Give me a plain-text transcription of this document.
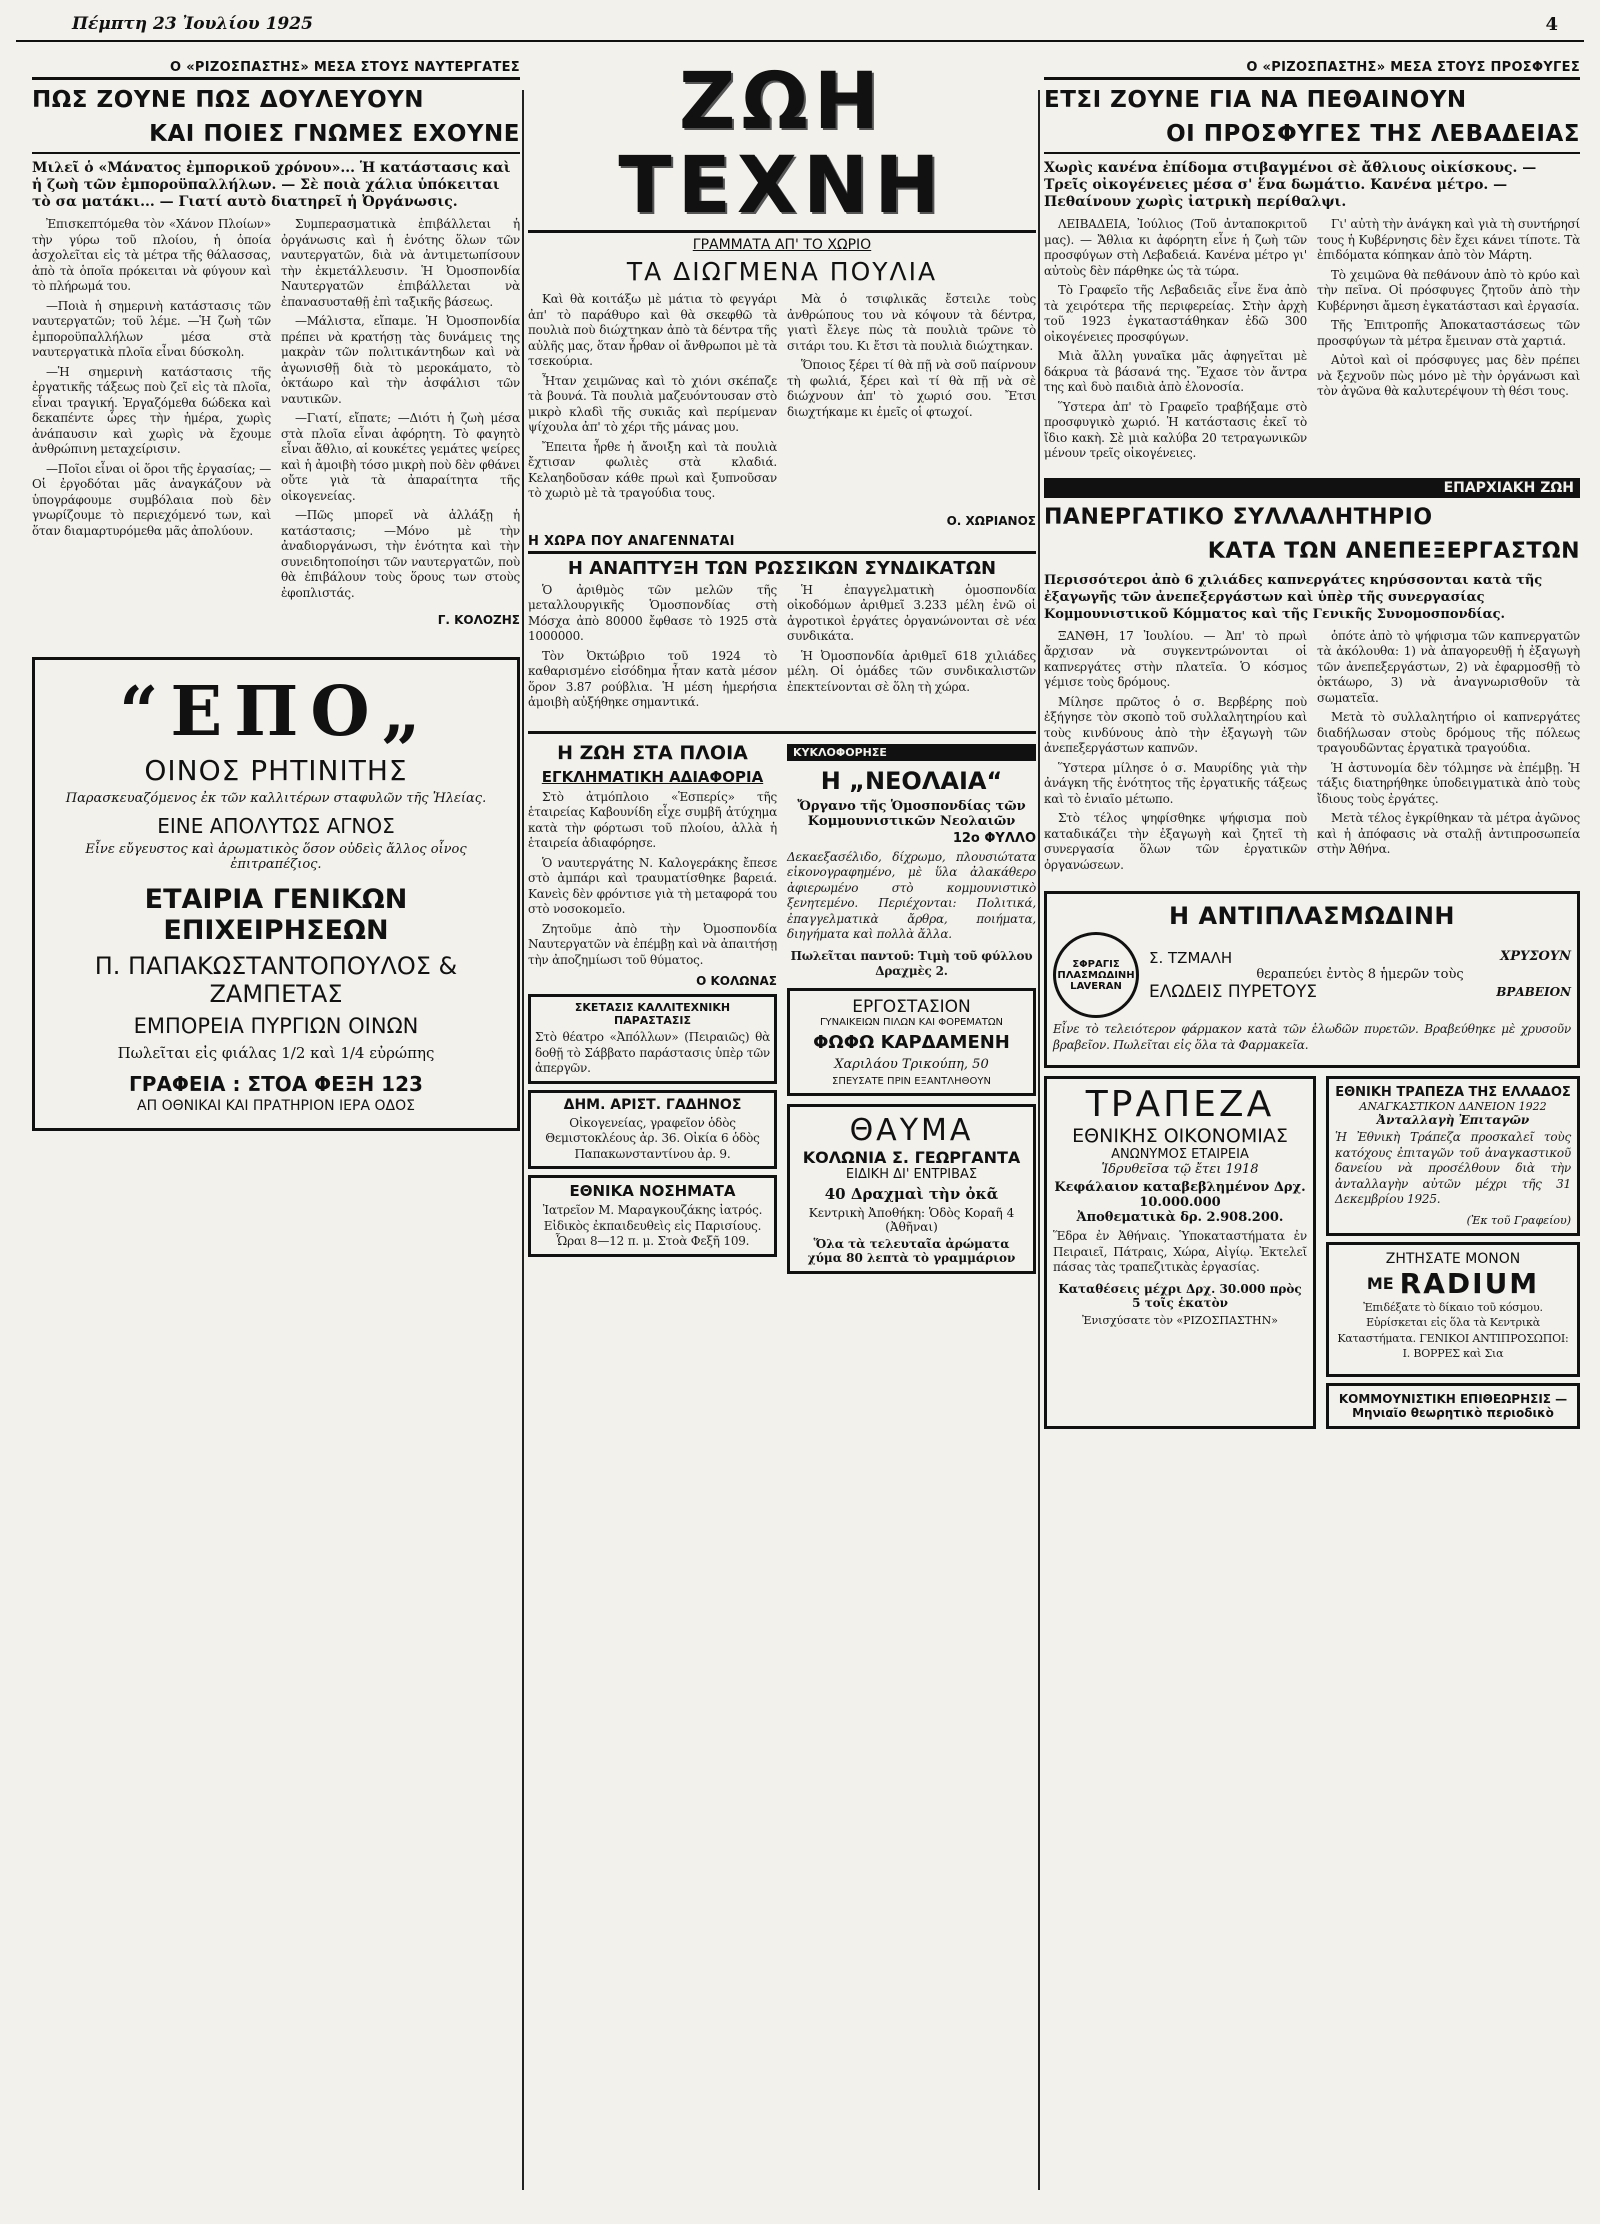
Πέμπτη 23 Ἰουλίου 1925	4
Ο «ΡΙΖΟΣΠΑΣΤΗΣ» ΜΕΣΑ ΣΤΟΥΣ ΝΑΥΤΕΡΓΑΤΕΣ
ΠΩΣ ΖΟΥΝΕ ΠΩΣ ΔΟΥΛΕΥΟΥΝ
ΚΑΙ ΠΟΙΕΣ ΓΝΩΜΕΣ ΕΧΟΥΝΕ
Μιλεῖ ὁ «Μάνατος ἐμπορικοῦ χρόνου»... Ἡ κατάστασις καὶ ἡ ζωὴ τῶν ἐμποροϋπαλλήλων. — Σὲ ποιὰ χάλια ὑπόκειται τὸ σα ματάκι... — Γιατί αυτὸ διατηρεῖ ἡ Ὀργάνωσις.

Ἐπισκεπτόμεθα τὸν «Χάνον Πλοίων» τὴν γύρω τοῦ πλοίου, ἡ ὁποία ἀσχολεῖται εἰς τὰ μέτρα τῆς θάλασσας, ἀπὸ τὰ ὁποῖα πρόκειται νὰ φύγουν καὶ τὸ πλήρωμά του.

—Ποιὰ ἡ σημερινὴ κατάστασις τῶν ναυτεργατῶν; τοῦ λέμε. —Ἡ ζωὴ τῶν ἐμποροϋπαλλήλων μέσα στὰ ναυτεργατικὰ πλοῖα εἶναι δύσκολη.

—Ἡ σημερινὴ κατάστασις τῆς ἐργατικῆς τάξεως ποὺ ζεῖ εἰς τὰ πλοῖα, εἶναι τραγική. Ἐργαζόμεθα δώδεκα καὶ δεκαπέντε ὧρες τὴν ἡμέρα, χωρὶς ἀνάπαυσιν καὶ χωρὶς νὰ ἔχουμε ἀνθρώπινη μεταχείρισιν.

—Ποῖοι εἶναι οἱ ὅροι τῆς ἐργασίας; —Οἱ ἐργοδόται μᾶς ἀναγκάζουν νὰ ὑπογράφουμε συμβόλαια ποὺ δὲν γνωρίζουμε τὸ περιεχόμενό των, καὶ ὅταν διαμαρτυρόμεθα μᾶς ἀπολύουν.

Συμπερασματικὰ ἐπιβάλλεται ἡ ὀργάνωσις καὶ ἡ ἑνότης ὅλων τῶν ναυτεργατῶν, διὰ νὰ ἀντιμετωπίσουν τὴν ἐκμετάλλευσιν. Ἡ Ὀμοσπονδία Ναυτεργατῶν ἐπιβάλλεται νὰ ἐπανασυσταθῇ ἐπὶ ταξικῆς βάσεως.

—Μάλιστα, εἴπαμε. Ἡ Ὀμοσπονδία πρέπει νὰ κρατήσῃ τὰς δυνάμεις της μακρὰν τῶν πολιτικάντηδων καὶ νὰ ἀγωνισθῇ διὰ τὸ μεροκάματο, τὸ ὀκτάωρο καὶ τὴν ἀσφάλισι τῶν ναυτικῶν.

—Γιατί, εἴπατε; —Διότι ἡ ζωὴ μέσα στὰ πλοῖα εἶναι ἀφόρητη. Τὸ φαγητὸ εἶναι ἄθλιο, αἱ κουκέτες γεμάτες ψείρες καὶ ἡ ἀμοιβὴ τόσο μικρὴ ποὺ δὲν φθάνει οὔτε γιὰ τὰ ἀπαραίτητα τῆς οἰκογενείας.

—Πῶς μπορεῖ νὰ ἀλλάξῃ ἡ κατάστασις; —Μόνο μὲ τὴν ἀναδιοργάνωσι, τὴν ἑνότητα καὶ τὴν συνειδητοποίησι τῶν ναυτεργατῶν, ποὺ θὰ ἐπιβάλουν τοὺς ὅρους των στοὺς ἐφοπλιστάς.

Γ. ΚΟΛΟΖΗΣ
“ΕΠΟ„
ΟΙΝΟΣ ΡΗΤΙΝΙΤΗΣ
Παρασκευαζόμενος ἐκ τῶν καλλιτέρων σταφυλῶν τῆς Ἠλείας.
ΕΙΝΕ ΑΠΟΛΥΤΩΣ ΑΓΝΟΣ
Εἶνε εὔγευστος καὶ ἀρωματικὸς ὅσον οὐδεὶς ἄλλος οἶνος ἐπιτραπέζιος.
ΕΤΑΙΡΙΑ ΓΕΝΙΚΩΝ ΕΠΙΧΕΙΡΗΣΕΩΝ
Π. ΠΑΠΑΚΩΣΤΑΝΤΟΠΟΥΛΟΣ & ΖΑΜΠΕΤΑΣ
ΕΜΠΟΡΕΙΑ ΠΥΡΓΙΩΝ ΟΙΝΩΝ
Πωλεῖται εἰς φιάλας 1/2 καὶ 1/4 εὐρώπης
ΓΡΑΦΕΙΑ : ΣΤΟΑ ΦΕΞΗ 123
ΑΠ ΟΘΝΙΚΑΙ ΚΑΙ ΠΡΑΤΗΡΙΟΝ ΙΕΡΑ ΟΔΟΣ
ΖΩΗ ΤΕΧΝΗ
ΓΡΑΜΜΑΤΑ ΑΠ' ΤΟ ΧΩΡΙΟ
ΤΑ ΔΙΩΓΜΕΝΑ ΠΟΥΛΙΑ

Καὶ θὰ κοιτάξω μὲ μάτια τὸ φεγγάρι ἀπ' τὸ παράθυρο καὶ θὰ σκεφθῶ τὰ πουλιὰ ποὺ διώχτηκαν ἀπὸ τὰ δέντρα τῆς αὐλῆς μας, ὅταν ἦρθαν οἱ ἄνθρωποι μὲ τὰ τσεκούρια.

Ἦταν χειμῶνας καὶ τὸ χιόνι σκέπαζε τὰ βουνά. Τὰ πουλιὰ μαζευόντουσαν στὸ μικρὸ κλαδὶ τῆς συκιᾶς καὶ περίμεναν ψίχουλα ἀπ' τὸ χέρι τῆς μάνας μου.

Ἔπειτα ἦρθε ἡ ἄνοιξη καὶ τὰ πουλιὰ ἔχτισαν φωλιὲς στὰ κλαδιά. Κελαηδοῦσαν κάθε πρωὶ καὶ ξυπνοῦσαν τὸ χωριὸ μὲ τὰ τραγούδια τους.

Μὰ ὁ τσιφλικᾶς ἔστειλε τοὺς ἀνθρώπους του νὰ κόψουν τὰ δέντρα, γιατὶ ἔλεγε πὼς τὰ πουλιὰ τρῶνε τὸ σιτάρι του. Κι ἔτσι τὰ πουλιὰ διώχτηκαν.

Ὅποιος ξέρει τί θὰ πῇ νὰ σοῦ παίρνουν τὴ φωλιά, ξέρει καὶ τί θὰ πῇ νὰ σὲ διώχνουν ἀπ' τὸ χωριό σου. Ἔτσι διωχτήκαμε κι ἐμεῖς οἱ φτωχοί.

Ο. ΧΩΡΙΑΝΟΣ
Η ΧΩΡΑ ΠΟΥ ΑΝΑΓΕΝΝΑΤΑΙ
Η ΑΝΑΠΤΥΞΗ ΤΩΝ ΡΩΣΣΙΚΩΝ ΣΥΝΔΙΚΑΤΩΝ

Ὁ ἀριθμὸς τῶν μελῶν τῆς μεταλλουργικῆς Ὁμοσπονδίας στὴ Μόσχα ἀπὸ 80000 ἔφθασε τὸ 1925 στὰ 1000000.

Τὸν Ὀκτώβριο τοῦ 1924 τὸ καθαρισμένο εἰσόδημα ἦταν κατὰ μέσον ὅρον 3.87 ρούβλια. Ἡ μέση ἡμερήσια ἀμοιβὴ αὐξήθηκε σημαντικά.

Ἡ ἐπαγγελματικὴ ὁμοσπονδία οἰκοδόμων ἀριθμεῖ 3.233 μέλη ἐνῶ οἱ ἀγροτικοὶ ἐργάτες ὀργανώνονται σὲ νέα συνδικάτα.

Ἡ Ὀμοσπονδία ἀριθμεῖ 618 χιλιάδες μέλη. Οἱ ὁμάδες τῶν συνδικαλιστῶν ἐπεκτείνονται σὲ ὅλη τὴ χώρα.

Η ΖΩΗ ΣΤΑ ΠΛΟΙΑ
ΕΓΚΛΗΜΑΤΙΚΗ ΑΔΙΑΦΟΡΙΑ

Στὸ ἀτμόπλοιο «Ἑσπερίς» τῆς ἑταιρείας Καβουνίδη εἶχε συμβῆ ἀτύχημα κατὰ τὴν φόρτωσι τοῦ πλοίου, ἀλλὰ ἡ ἑταιρεία ἀδιαφόρησε.

Ὁ ναυτεργάτης Ν. Καλογεράκης ἔπεσε στὸ ἀμπάρι καὶ τραυματίσθηκε βαρειά. Κανεὶς δὲν φρόντισε γιὰ τὴ μεταφορά του στὸ νοσοκομεῖο.

Ζητοῦμε ἀπὸ τὴν Ὀμοσπονδία Ναυτεργατῶν νὰ ἐπέμβῃ καὶ νὰ ἀπαιτήσῃ τὴν ἀποζημίωσι τοῦ θύματος.

Ο ΚΟΛΩΝΑΣ
ΣΚΕΤΑΣΙΣ ΚΑΛΛΙΤΕΧΝΙΚΗ ΠΑΡΑΣΤΑΣΙΣ
Στὸ θέατρο «Ἀπόλλων» (Πειραιῶς) θὰ δοθῇ τὸ Σάββατο παράστασις ὑπὲρ τῶν ἀπεργῶν.
ΔΗΜ. ΑΡΙΣΤ. ΓΑΔΗΝΟΣ
Οἰκογενείας, γραφεῖον ὁδὸς Θεμιστοκλέους ἀρ. 36. Οἰκία 6 ὁδὸς Παπακωνσταντίνου ἀρ. 9.
ΕΘΝΙΚΑ ΝΟΣΗΜΑΤΑ
Ἰατρεῖον Μ. Μαραγκουζάκης ἰατρός. Εἰδικὸς ἐκπαιδευθεὶς εἰς Παρισίους. Ὧραι 8—12 π. μ. Στοὰ Φεξῆ 109.
ΚΥΚΛΟΦΟΡΗΣΕ
Η „ΝΕΟΛΑΙΑ“
Ὄργανο τῆς Ὁμοσπονδίας τῶν Κομμουνιστικῶν Νεολαιῶν
12ο ΦΥΛΛΟ
Δεκαεξασέλιδο, δίχρωμο, πλουσιώτατα εἰκονογραφημένο, μὲ ὕλα ἀλακάθερο ἀφιερωμένο στὸ κομμουνιστικὸ ξενητεμένο. Περιέχονται: Πολιτικά, ἐπαγγελματικὰ ἄρθρα, ποιήματα, διηγήματα καὶ πολλὰ ἄλλα.
Πωλεῖται παντοῦ: Τιμὴ τοῦ φύλλου Δραχμὲς 2.
ΕΡΓΟΣΤΑΣΙΟΝ
ΓΥΝΑΙΚΕΙΩΝ ΠΙΛΩΝ ΚΑΙ ΦΟΡΕΜΑΤΩΝ
ΦΩΦΩ ΚΑΡΔΑΜΕΝΗ
Χαριλάου Τρικούπη, 50
ΣΠΕΥΣΑΤΕ ΠΡΙΝ ΕΞΑΝΤΛΗΘΟΥΝ
ΘΑΥΜΑ
ΚΟΛΩΝΙΑ Σ. ΓΕΩΡΓΑΝΤΑ
ΕΙΔΙΚΗ ΔΙ' ΕΝΤΡΙΒΑΣ
40 Δραχμαὶ τὴν ὀκᾶ
Κεντρικὴ Ἀποθήκη: Ὁδὸς Κοραῆ 4 (Ἀθῆναι)
Ὅλα τὰ τελευταῖα ἀρώματα χύμα 80 λεπτὰ τὸ γραμμάριον
Ο «ΡΙΖΟΣΠΑΣΤΗΣ» ΜΕΣΑ ΣΤΟΥΣ ΠΡΟΣΦΥΓΕΣ
ΕΤΣΙ ΖΟΥΝΕ ΓΙΑ ΝΑ ΠΕΘΑΙΝΟΥΝ
ΟΙ ΠΡΟΣΦΥΓΕΣ ΤΗΣ ΛΕΒΑΔΕΙΑΣ
Χωρὶς κανένα ἐπίδομα στιβαγμένοι σὲ ἄθλιους οἰκίσκους. — Τρεῖς οἰκογένειες μέσα σ' ἕνα δωμάτιο. Κανένα μέτρο. — Πεθαίνουν χωρὶς ἰατρικὴ περίθαλψι.

ΛΕΙΒΑΔΕΙΑ, Ἰούλιος (Τοῦ ἀνταποκριτοῦ μας). — Ἄθλια κι ἀφόρητη εἶνε ἡ ζωὴ τῶν προσφύγων στὴ Λεβαδειά. Κανένα μέτρο γι' αὐτοὺς δὲν πάρθηκε ὡς τὰ τώρα.

Τὸ Γραφεῖο τῆς Λεβαδειᾶς εἶνε ἕνα ἀπὸ τὰ χειρότερα τῆς περιφερείας. Στὴν ἀρχὴ τοῦ 1923 ἐγκαταστάθηκαν ἐδῶ 300 οἰκογένειες προσφύγων.

Μιὰ ἄλλη γυναῖκα μᾶς ἀφηγεῖται μὲ δάκρυα τὰ βάσανά της. Ἔχασε τὸν ἄντρα της καὶ δυὸ παιδιὰ ἀπὸ ἐλονοσία.

Ὕστερα ἀπ' τὸ Γραφεῖο τραβήξαμε στὸ προσφυγικὸ χωριό. Ἡ κατάστασις ἐκεῖ τὸ ἴδιο κακὴ. Σὲ μιὰ καλύβα 20 τετραγωνικῶν μένουν τρεῖς οἰκογένειες.

Γι' αὐτὴ τὴν ἀνάγκη καὶ γιὰ τὴ συντήρησί τους ἡ Κυβέρνησις δὲν ἔχει κάνει τίποτε. Τὰ ἐπιδόματα κόπηκαν ἀπὸ τὸν Μάρτη.

Τὸ χειμῶνα θὰ πεθάνουν ἀπὸ τὸ κρύο καὶ τὴν πεῖνα. Οἱ πρόσφυγες ζητοῦν ἀπὸ τὴν Κυβέρνησι ἄμεση ἐγκατάστασι καὶ ἐργασία.

Τῆς Ἐπιτροπῆς Ἀποκαταστάσεως τῶν προσφύγων τὰ μέτρα ἔμειναν στὰ χαρτιά.

Αὐτοὶ καὶ οἱ πρόσφυγες μας δὲν πρέπει νὰ ξεχνοῦν πὼς μόνο μὲ τὴν ὀργάνωσι καὶ τὸν ἀγῶνα θὰ καλυτερέψουν τὴ θέσι τους.

ΕΠΑΡΧΙΑΚΗ ΖΩΗ
ΠΑΝΕΡΓΑΤΙΚΟ ΣΥΛΛΑΛΗΤΗΡΙΟ
ΚΑΤΑ ΤΩΝ ΑΝΕΠΕΞΕΡΓΑΣΤΩΝ
Περισσότεροι ἀπὸ 6 χιλιάδες καπνεργάτες κηρύσσονται κατὰ τῆς ἐξαγωγῆς τῶν ἀνεπεξεργάστων καὶ ὑπὲρ τῆς συνεργασίας Κομμουνιστικοῦ Κόμματος καὶ τῆς Γενικῆς Συνομοσπονδίας.

ΞΑΝΘΗ, 17 Ἰουλίου. — Ἀπ' τὸ πρωὶ ἄρχισαν νὰ συγκεντρώνονται οἱ καπνεργάτες στὴν πλατεῖα. Ὁ κόσμος γέμισε τοὺς δρόμους.

Μίλησε πρῶτος ὁ σ. Βερβέρης ποὺ ἐξήγησε τὸν σκοπὸ τοῦ συλλαλητηρίου καὶ τοὺς κινδύνους ἀπὸ τὴν ἐξαγωγὴ τῶν ἀνεπεξεργάστων καπνῶν.

Ὕστερα μίλησε ὁ σ. Μαυρίδης γιὰ τὴν ἀνάγκη τῆς ἑνότητος τῆς ἐργατικῆς τάξεως καὶ τὸ ἑνιαῖο μέτωπο.

Στὸ τέλος ψηφίσθηκε ψήφισμα ποὺ καταδικάζει τὴν ἐξαγωγὴ καὶ ζητεῖ τὴ συνεργασία ὅλων τῶν ἐργατικῶν ὀργανώσεων.

ὁπότε ἀπὸ τὸ ψήφισμα τῶν καπνεργατῶν τὰ ἀκόλουθα: 1) νὰ ἀπαγορευθῇ ἡ ἐξαγωγὴ τῶν ἀνεπεξεργάστων, 2) νὰ ἐφαρμοσθῇ τὸ ὀκτάωρο, 3) νὰ ἀναγνωρισθοῦν τὰ σωματεῖα.

Μετὰ τὸ συλλαλητήριο οἱ καπνεργάτες διαδήλωσαν στοὺς δρόμους τῆς πόλεως τραγουδῶντας ἐργατικὰ τραγούδια.

Ἡ ἀστυνομία δὲν τόλμησε νὰ ἐπέμβῃ. Ἡ τάξις διατηρήθηκε ὑποδειγματικὰ ἀπὸ τοὺς ἴδιους τοὺς ἐργάτες.

Μετὰ τέλος ἐγκρίθηκαν τὰ μέτρα ἀγῶνος καὶ ἡ ἀπόφασις νὰ σταλῇ ἀντιπροσωπεία στὴν Ἀθήνα.

Η ΑΝΤΙΠΛΑΣΜΩΔΙΝΗ
ΣΦΡΑΓΙΣ ΠΛΑΣΜΩΔΙΝΗ LAVERAN
Σ. ΤΖΜΑΛΗ	ΧΡΥΣΟΥΝ
θεραπεύει ἐντὸς 8 ἡμερῶν τοὺς
ΕΛΩΔΕΙΣ ΠΥΡΕΤΟΥΣ	ΒΡΑΒΕΙΟΝ
Εἶνε τὸ τελειότερον φάρμακον κατὰ τῶν ἑλωδῶν πυρετῶν. Βραβεύθηκε μὲ χρυσοῦν βραβεῖον. Πωλεῖται εἰς ὅλα τὰ Φαρμακεῖα.
ΤΡΑΠΕΖΑ
ΕΘΝΙΚΗΣ ΟΙΚΟΝΟΜΙΑΣ
ΑΝΩΝΥΜΟΣ ΕΤΑΙΡΕΙΑ
Ἱδρυθεῖσα τῷ ἔτει 1918
Κεφάλαιον καταβεβλημένον Δρχ. 10.000.000
Ἀποθεματικὰ δρ. 2.908.200.
Ἕδρα ἐν Ἀθήναις. Ὑποκαταστήματα ἐν Πειραιεῖ, Πάτραις, Χώρα, Αἰγίῳ. Ἐκτελεῖ πάσας τὰς τραπεζιτικὰς ἐργασίας.
Καταθέσεις μέχρι Δρχ. 30.000 πρὸς 5 τοῖς ἑκατὸν
Ἐνισχύσατε τὸν «ΡΙΖΟΣΠΑΣΤΗΝ»
ΕΘΝΙΚΗ ΤΡΑΠΕΖΑ ΤΗΣ ΕΛΛΑΔΟΣ
ΑΝΑΓΚΑΣΤΙΚΟΝ ΔΑΝΕΙΟΝ 1922
Ἀνταλλαγὴ Ἐπιταγῶν
Ἡ Ἐθνικὴ Τράπεζα προσκαλεῖ τοὺς κατόχους ἐπιταγῶν τοῦ ἀναγκαστικοῦ δανείου νὰ προσέλθουν διὰ τὴν ἀνταλλαγὴν αὐτῶν μέχρι τῆς 31 Δεκεμβρίου 1925.
(Ἐκ τοῦ Γραφείου)
ΖΗΤΗΣΑΤΕ ΜΟΝΟΝ
ΜΕ RADIUM
Ἐπιδέξατε τὸ δίκαιο τοῦ κόσμου. Εὑρίσκεται εἰς ὅλα τὰ Κεντρικὰ Καταστήματα. ΓΕΝΙΚΟΙ ΑΝΤΙΠΡΟΣΩΠΟΙ: Ι. ΒΟΡΡΕΣ καὶ Σια
ΚΟΜΜΟΥΝΙΣΤΙΚΗ ΕΠΙΘΕΩΡΗΣΙΣ — Μηνιαῖο θεωρητικὸ περιοδικὸ
